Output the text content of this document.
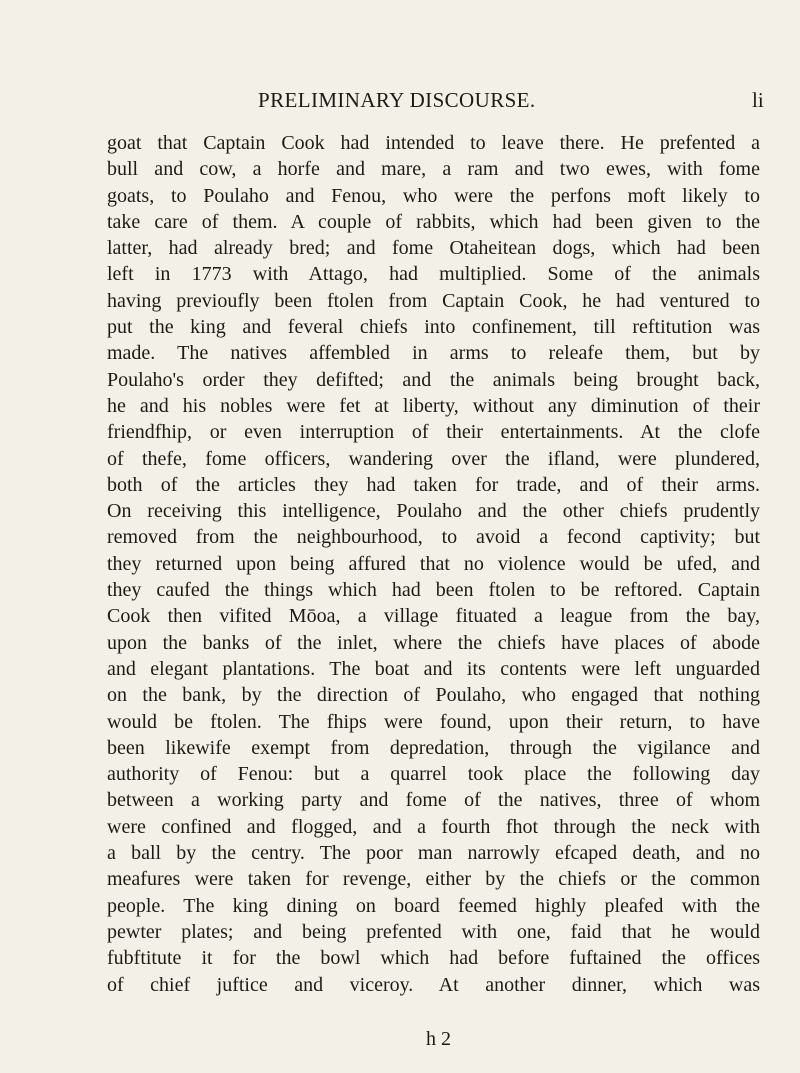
PRELIMINARY DISCOURSE.	li
goat that Captain Cook had intended to leave there. He prefented a
bull and cow, a horfe and mare, a ram and two ewes, with fome
goats, to Poulaho and Fenou, who were the perfons moft likely to
take care of them. A couple of rabbits, which had been given to the
latter, had already bred; and fome Otaheitean dogs, which had been
left in 1773 with Attago, had multiplied. Some of the animals
having previoufly been ftolen from Captain Cook, he had ventured to
put the king and feveral chiefs into confinement, till reftitution was
made. The natives affembled in arms to releafe them, but by
Poulaho's order they defifted; and the animals being brought back,
he and his nobles were fet at liberty, without any diminution of their
friendfhip, or even interruption of their entertainments. At the clofe
of thefe, fome officers, wandering over the ifland, were plundered,
both of the articles they had taken for trade, and of their arms.
On receiving this intelligence, Poulaho and the other chiefs prudently
removed from the neighbourhood, to avoid a fecond captivity; but
they returned upon being affured that no violence would be ufed, and
they caufed the things which had been ftolen to be reftored. Captain
Cook then vifited Mōoa, a village fituated a league from the bay,
upon the banks of the inlet, where the chiefs have places of abode
and elegant plantations. The boat and its contents were left unguarded
on the bank, by the direction of Poulaho, who engaged that nothing
would be ftolen. The fhips were found, upon their return, to have
been likewife exempt from depredation, through the vigilance and
authority of Fenou: but a quarrel took place the following day
between a working party and fome of the natives, three of whom
were confined and flogged, and a fourth fhot through the neck with
a ball by the centry. The poor man narrowly efcaped death, and no
meafures were taken for revenge, either by the chiefs or the common
people. The king dining on board feemed highly pleafed with the
pewter plates; and being prefented with one, faid that he would
fubftitute it for the bowl which had before fuftained the offices
of chief juftice and viceroy. At another dinner, which was
h 2
